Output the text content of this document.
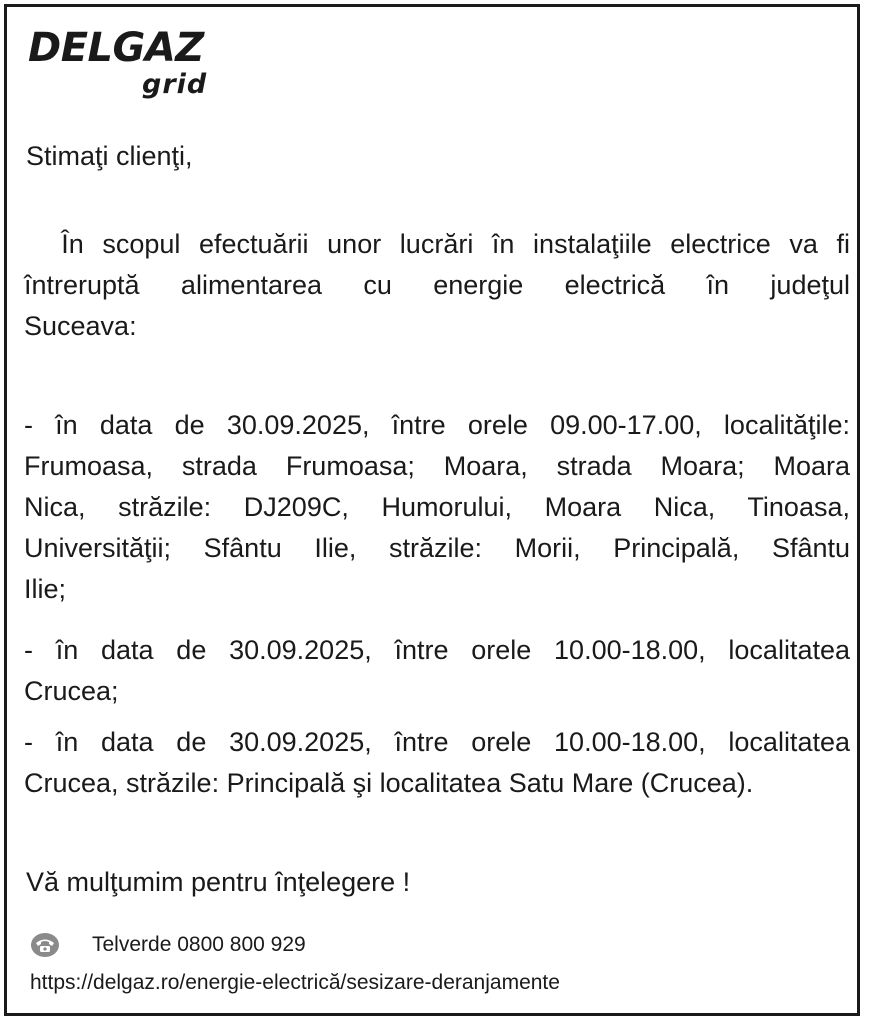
DELGAZ
grid
Stimaţi clienţi,
În scopul efectuării unor lucrări în instalaţiile electrice va fi
întreruptă alimentarea cu energie electrică în judeţul
Suceava:
- în data de 30.09.2025, între orele 09.00-17.00, localităţile:
Frumoasa, strada Frumoasa; Moara, strada Moara; Moara
Nica, străzile: DJ209C, Humorului, Moara Nica, Tinoasa,
Universităţii; Sfântu Ilie, străzile: Morii, Principală, Sfântu
Ilie;
- în data de 30.09.2025, între orele 10.00-18.00, localitatea
Crucea;
- în data de 30.09.2025, între orele 10.00-18.00, localitatea
Crucea, străzile: Principală şi localitatea Satu Mare (Crucea).
Vă mulţumim pentru înţelegere !
Telverde 0800 800 929
https://delgaz.ro/energie-electrică/sesizare-deranjamente
